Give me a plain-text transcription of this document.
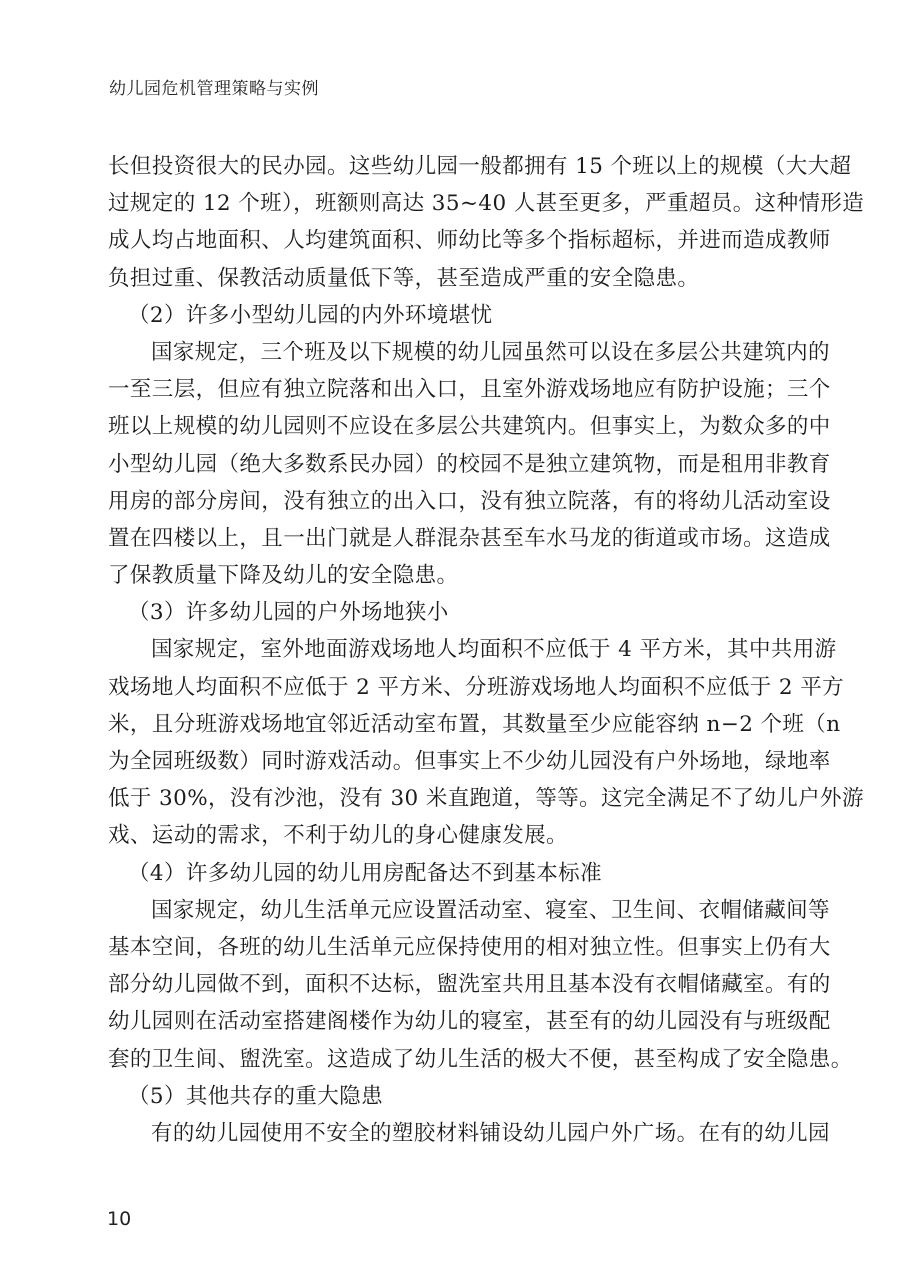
幼儿园危机管理策略与实例
长但投资很大的民办园。这些幼儿园一般都拥有 15 个班以上的规模（大大超
过规定的 12 个班），班额则高达 35~40 人甚至更多，严重超员。这种情形造
成人均占地面积、人均建筑面积、师幼比等多个指标超标，并进而造成教师
负担过重、保教活动质量低下等，甚至造成严重的安全隐患。
（2）许多小型幼儿园的内外环境堪忧
国家规定，三个班及以下规模的幼儿园虽然可以设在多层公共建筑内的
一至三层，但应有独立院落和出入口，且室外游戏场地应有防护设施；三个
班以上规模的幼儿园则不应设在多层公共建筑内。但事实上，为数众多的中
小型幼儿园（绝大多数系民办园）的校园不是独立建筑物，而是租用非教育
用房的部分房间，没有独立的出入口，没有独立院落，有的将幼儿活动室设
置在四楼以上，且一出门就是人群混杂甚至车水马龙的街道或市场。这造成
了保教质量下降及幼儿的安全隐患。
（3）许多幼儿园的户外场地狭小
国家规定，室外地面游戏场地人均面积不应低于 4 平方米，其中共用游
戏场地人均面积不应低于 2 平方米、分班游戏场地人均面积不应低于 2 平方
米，且分班游戏场地宜邻近活动室布置，其数量至少应能容纳 n−2 个班（n
为全园班级数）同时游戏活动。但事实上不少幼儿园没有户外场地，绿地率
低于 30%，没有沙池，没有 30 米直跑道，等等。这完全满足不了幼儿户外游
戏、运动的需求，不利于幼儿的身心健康发展。
（4）许多幼儿园的幼儿用房配备达不到基本标准
国家规定，幼儿生活单元应设置活动室、寝室、卫生间、衣帽储藏间等
基本空间，各班的幼儿生活单元应保持使用的相对独立性。但事实上仍有大
部分幼儿园做不到，面积不达标，盥洗室共用且基本没有衣帽储藏室。有的
幼儿园则在活动室搭建阁楼作为幼儿的寝室，甚至有的幼儿园没有与班级配
套的卫生间、盥洗室。这造成了幼儿生活的极大不便，甚至构成了安全隐患。
（5）其他共存的重大隐患
有的幼儿园使用不安全的塑胶材料铺设幼儿园户外广场。在有的幼儿园
10
